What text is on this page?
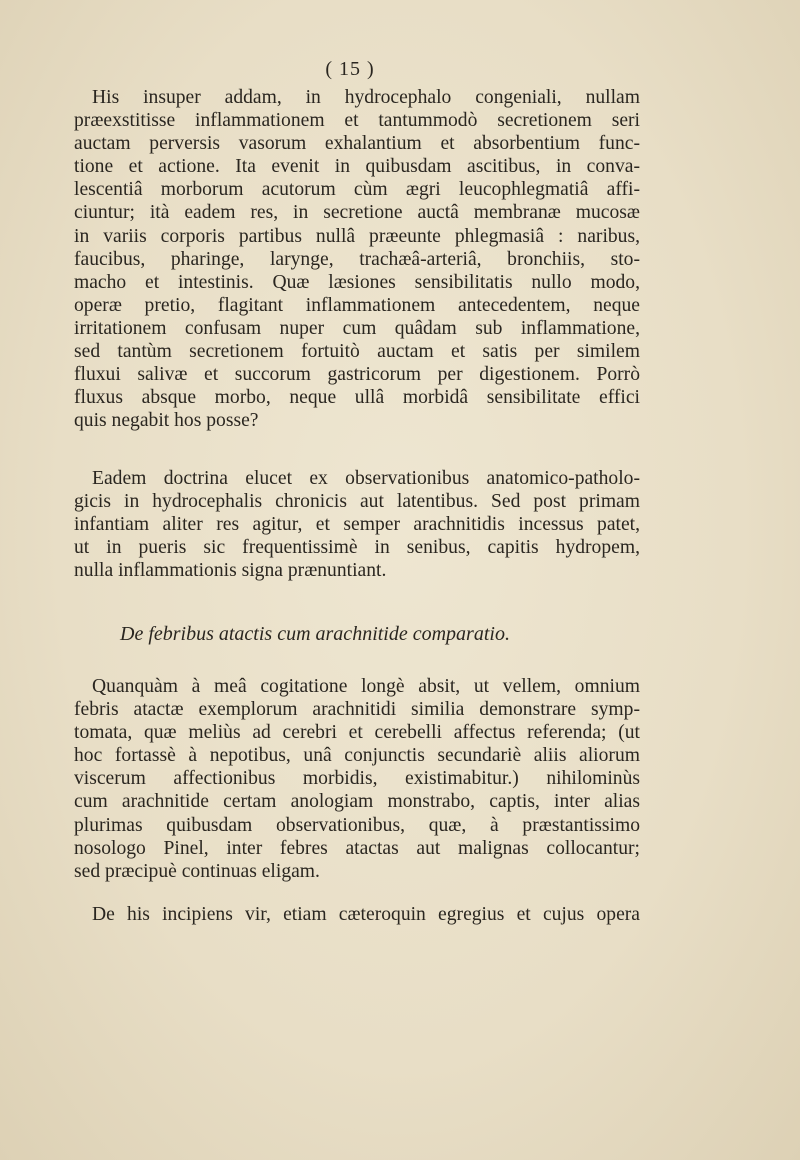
( 15 )
His insuper addam, in hydrocephalo congeniali, nullam
præexstitisse inflammationem et tantummodò secretionem seri
auctam perversis vasorum exhalantium et absorbentium func-
tione et actione. Ita evenit in quibusdam ascitibus, in conva-
lescentiâ morborum acutorum cùm ægri leucophlegmatiâ affi-
ciuntur; ità eadem res, in secretione auctâ membranæ mucosæ
in variis corporis partibus nullâ præeunte phlegmasiâ : naribus,
faucibus, pharinge, larynge, trachæâ-arteriâ, bronchiis, sto-
macho et intestinis. Quæ læsiones sensibilitatis nullo modo,
operæ pretio, flagitant inflammationem antecedentem, neque
irritationem confusam nuper cum quâdam sub inflammatione,
sed tantùm secretionem fortuitò auctam et satis per similem
fluxui salivæ et succorum gastricorum per digestionem. Porrò
fluxus absque morbo, neque ullâ morbidâ sensibilitate effici
quis negabit hos posse?
Eadem doctrina elucet ex observationibus anatomico-patholo-
gicis in hydrocephalis chronicis aut latentibus. Sed post primam
infantiam aliter res agitur, et semper arachnitidis incessus patet,
ut in pueris sic frequentissimè in senibus, capitis hydropem,
nulla inflammationis signa prænuntiant.
De febribus atactis cum arachnitide comparatio.
Quanquàm à meâ cogitatione longè absit, ut vellem, omnium
febris atactæ exemplorum arachnitidi similia demonstrare symp-
tomata, quæ meliùs ad cerebri et cerebelli affectus referenda; (ut
hoc fortassè à nepotibus, unâ conjunctis secundariè aliis aliorum
viscerum affectionibus morbidis, existimabitur.) nihilominùs
cum arachnitide certam anologiam monstrabo, captis, inter alias
plurimas quibusdam observationibus, quæ, à præstantissimo
nosologo Pinel, inter febres atactas aut malignas collocantur;
sed præcipuè continuas eligam.
De his incipiens vir, etiam cæteroquin egregius et cujus opera
